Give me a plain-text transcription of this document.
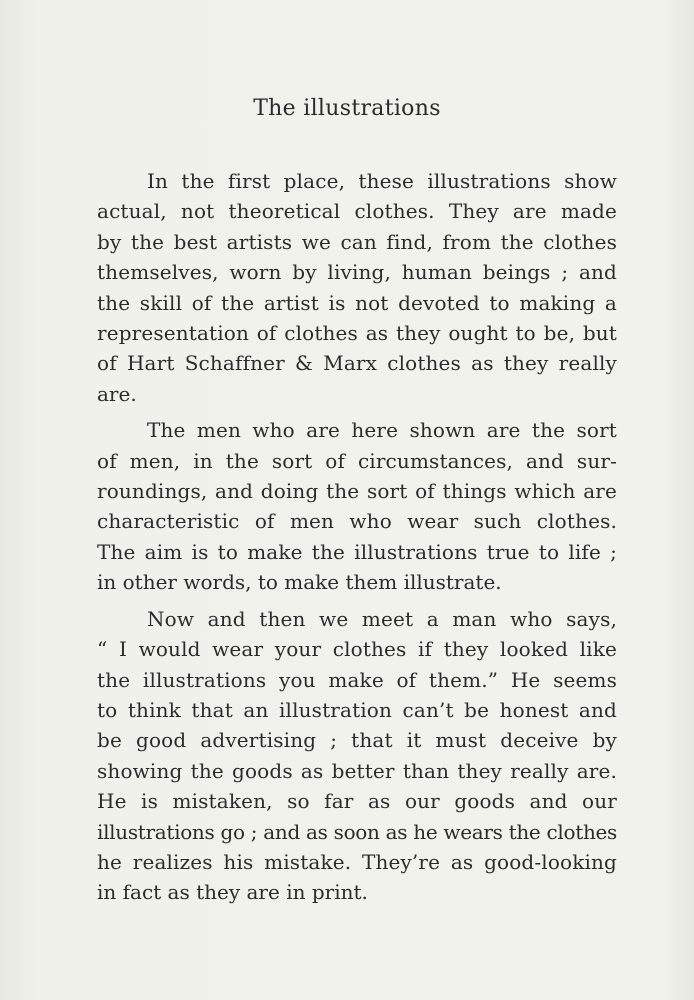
The illustrations

In the first place, these illustrations show
actual, not theoretical clothes. They are made
by the best artists we can find, from the clothes
themselves, worn by living, human beings ; and
the skill of the artist is not devoted to making a
representation of clothes as they ought to be, but
of Hart Schaffner & Marx clothes as they really
are.

The men who are here shown are the sort
of men, in the sort of circumstances, and sur-
roundings, and doing the sort of things which are
characteristic of men who wear such clothes.
The aim is to make the illustrations true to life ;
in other words, to make them illustrate.

Now and then we meet a man who says,
“ I would wear your clothes if they looked like
the illustrations you make of them.” He seems
to think that an illustration can’t be honest and
be good advertising ; that it must deceive by
showing the goods as better than they really are.
He is mistaken, so far as our goods and our
illustrations go ; and as soon as he wears the clothes
he realizes his mistake. They’re as good-looking
in fact as they are in print.
